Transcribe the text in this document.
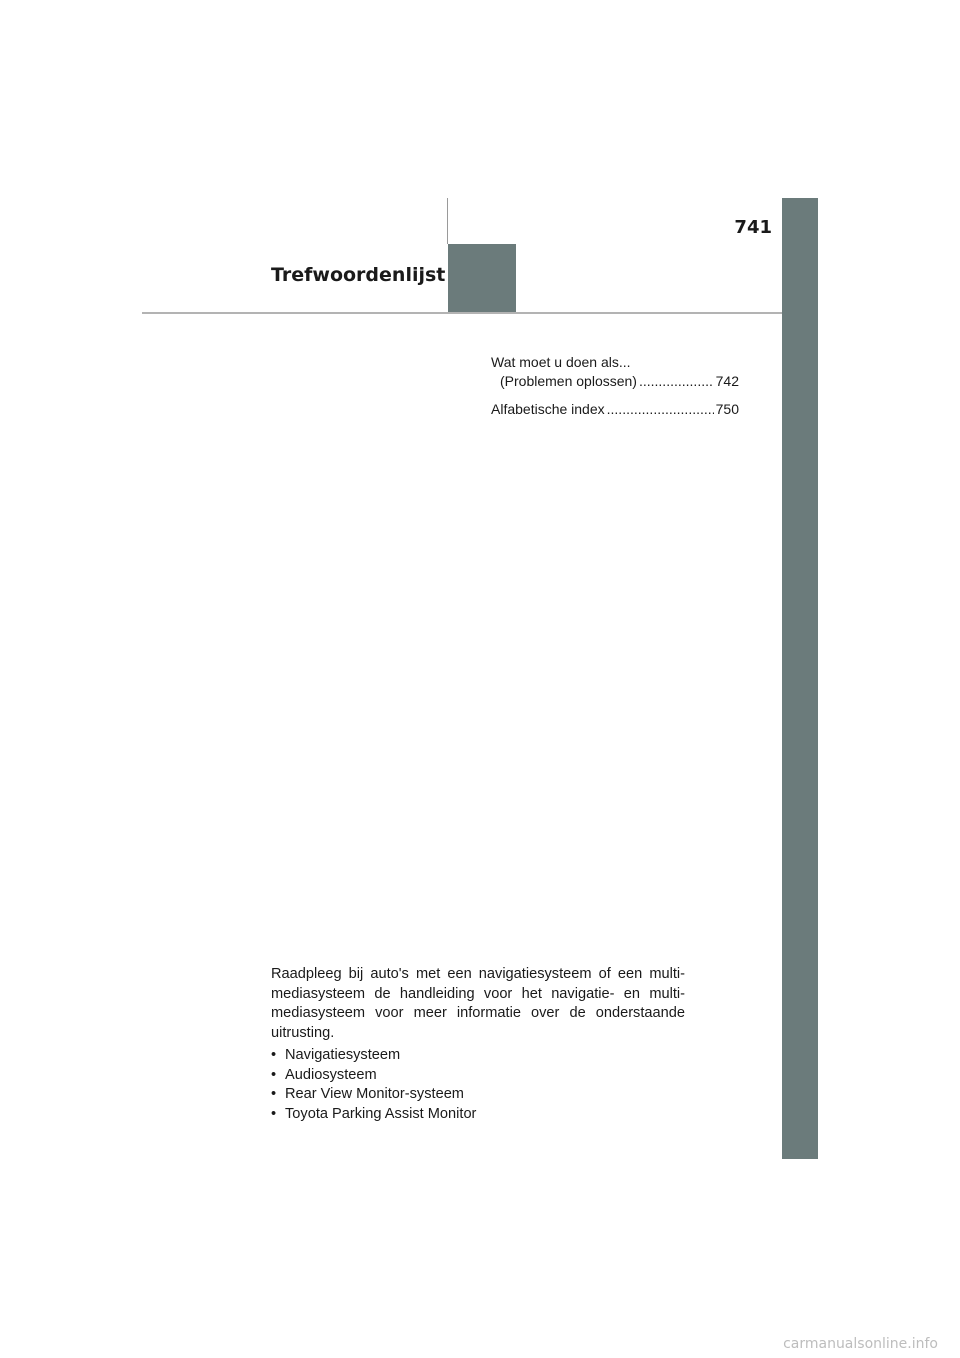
741
Trefwoordenlijst
Wat moet u doen als...
(Problemen oplossen) .....	742
Alfabetische index .....	750

Raadpleeg bij auto's met een navigatiesysteem of een multi-mediasysteem de handleiding voor het navigatie- en multi-mediasysteem voor meer informatie over de onderstaande uitrusting.

• Navigatiesysteem
• Audiosysteem
• Rear View Monitor-systeem
• Toyota Parking Assist Monitor
carmanualsonline.info
